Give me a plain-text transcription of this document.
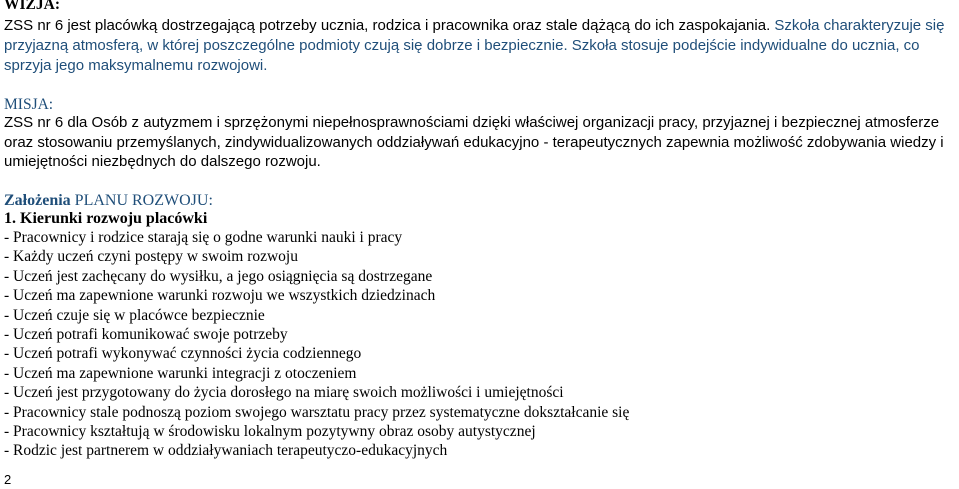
WIZJA:

ZSS nr 6 jest placówką dostrzegającą potrzeby ucznia, rodzica i pracownika oraz stale dążącą do ich zaspokajania. Szkoła charakteryzuje się przyjazną atmosferą, w której poszczególne podmioty czują się dobrze i bezpiecznie. Szkoła stosuje podejście indywidualne do ucznia, co sprzyja jego maksymalnemu rozwojowi.
MISJA:
ZSS nr 6 dla Osób z autyzmem i sprzężonymi niepełnosprawnościami dzięki właściwej organizacji pracy, przyjaznej i bezpiecznej atmosferze oraz stosowaniu przemyślanych, zindywidualizowanych oddziaływań edukacyjno - terapeutycznych zapewnia możliwość zdobywania wiedzy i umiejętności niezbędnych do dalszego rozwoju.
Założenia PLANU ROZWOJU:
1. Kierunki rozwoju placówki
- Pracownicy i rodzice starają się o godne warunki nauki i pracy
- Każdy uczeń czyni postępy w swoim rozwoju
- Uczeń jest zachęcany do wysiłku, a jego osiągnięcia są dostrzegane
- Uczeń ma zapewnione warunki rozwoju we wszystkich dziedzinach
- Uczeń czuje się w placówce bezpiecznie
- Uczeń potrafi komunikować swoje potrzeby
- Uczeń potrafi wykonywać czynności życia codziennego
- Uczeń ma zapewnione warunki integracji z otoczeniem
- Uczeń jest przygotowany do życia dorosłego na miarę swoich możliwości i umiejętności
- Pracownicy stale podnoszą poziom swojego warsztatu pracy przez systematyczne dokształcanie się
- Pracownicy kształtują w środowisku lokalnym pozytywny obraz osoby autystycznej
- Rodzic jest partnerem w oddziaływaniach terapeutyczo-edukacyjnych
2
